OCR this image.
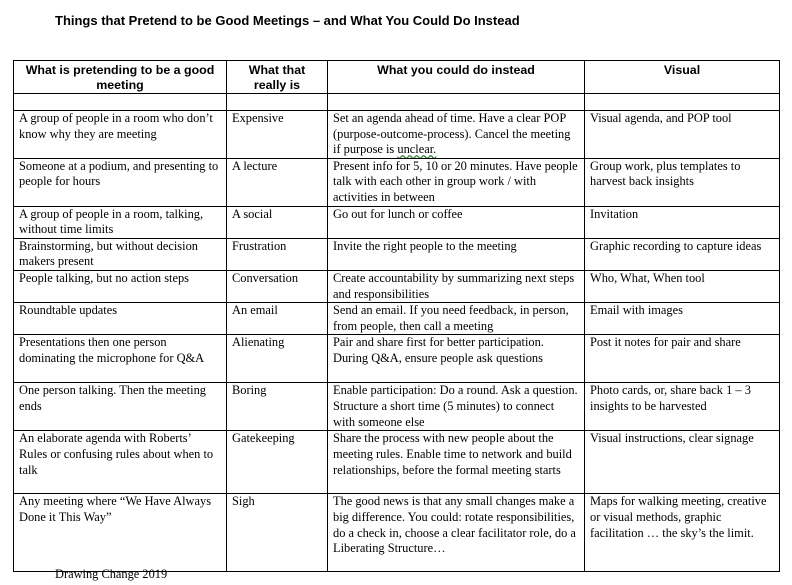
Things that Pretend to be Good Meetings – and What You Could Do Instead
What is pretending to be a good meeting	What that really is	What you could do instead	Visual

A group of people in a room who don’t know why they are meeting	Expensive	Set an agenda ahead of time. Have a clear POP (purpose-outcome-process). Cancel the meeting if purpose is unclear.	Visual agenda, and POP tool
Someone at a podium, and presenting to people for hours	A lecture	Present info for 5, 10 or 20 minutes. Have people talk with each other in group work / with activities in between	Group work, plus templates to harvest back insights
A group of people in a room, talking, without time limits	A social	Go out for lunch or coffee	Invitation
Brainstorming, but without decision makers present	Frustration	Invite the right people to the meeting	Graphic recording to capture ideas
People talking, but no action steps	Conversation	Create accountability by summarizing next steps and responsibilities	Who, What, When tool
Roundtable updates	An email	Send an email. If you need feedback, in person, from people, then call a meeting	Email with images
Presentations then one person dominating the microphone for Q&A	Alienating	Pair and share first for better participation. During Q&A, ensure people ask questions	Post it notes for pair and share
One person talking. Then the meeting ends	Boring	Enable participation: Do a round. Ask a question. Structure a short time (5 minutes) to connect with someone else	Photo cards, or, share back 1 – 3 insights to be harvested
An elaborate agenda with Roberts’ Rules or confusing rules about when to talk	Gatekeeping	Share the process with new people about the meeting rules. Enable time to network and build relationships, before the formal meeting starts	Visual instructions, clear signage
Any meeting where “We Have Always Done it This Way”	Sigh	The good news is that any small changes make a big difference. You could: rotate responsibilities, do a check in, choose a clear facilitator role, do a Liberating Structure…	Maps for walking meeting, creative or visual methods, graphic facilitation … the sky’s the limit.
Drawing Change 2019
